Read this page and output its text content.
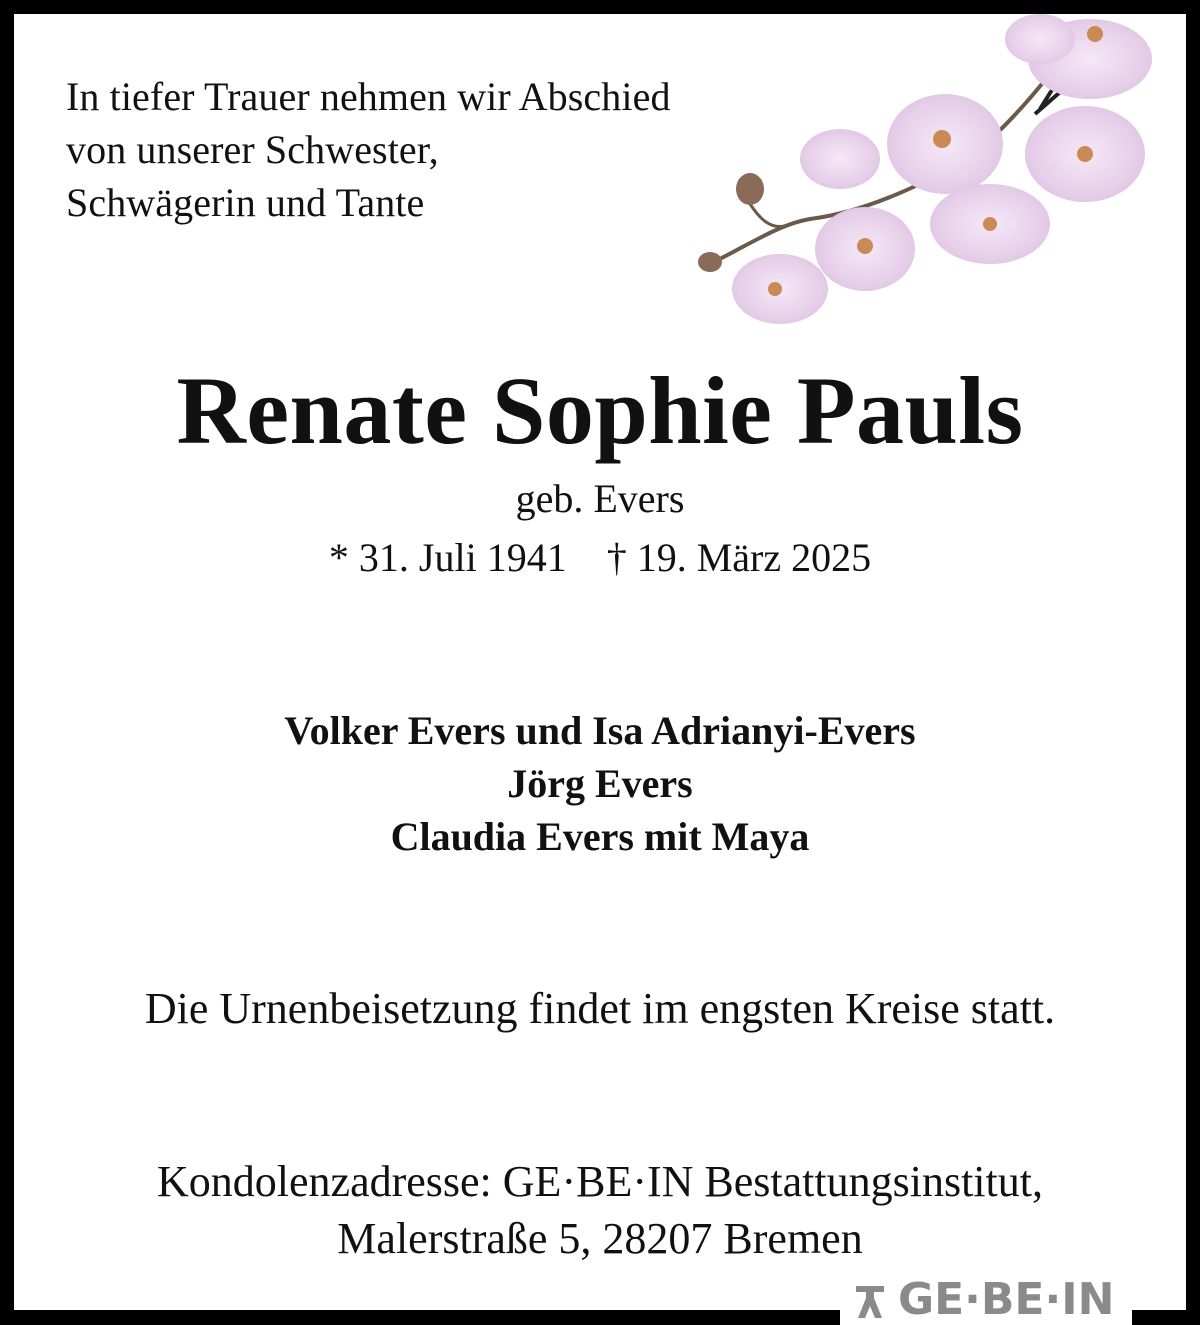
In tiefer Trauer nehmen wir Abschied
von unserer Schwester,
Schwägerin und Tante
Renate Sophie Pauls
geb. Evers
* 31. Juli 1941    † 19. März 2025
Volker Evers und Isa Adrianyi-Evers
Jörg Evers
Claudia Evers mit Maya
Die Urnenbeisetzung findet im engsten Kreise statt.
Kondolenzadresse: GE·BE·IN Bestattungsinstitut,
Malerstraße 5, 28207 Bremen
GE·BE·IN
